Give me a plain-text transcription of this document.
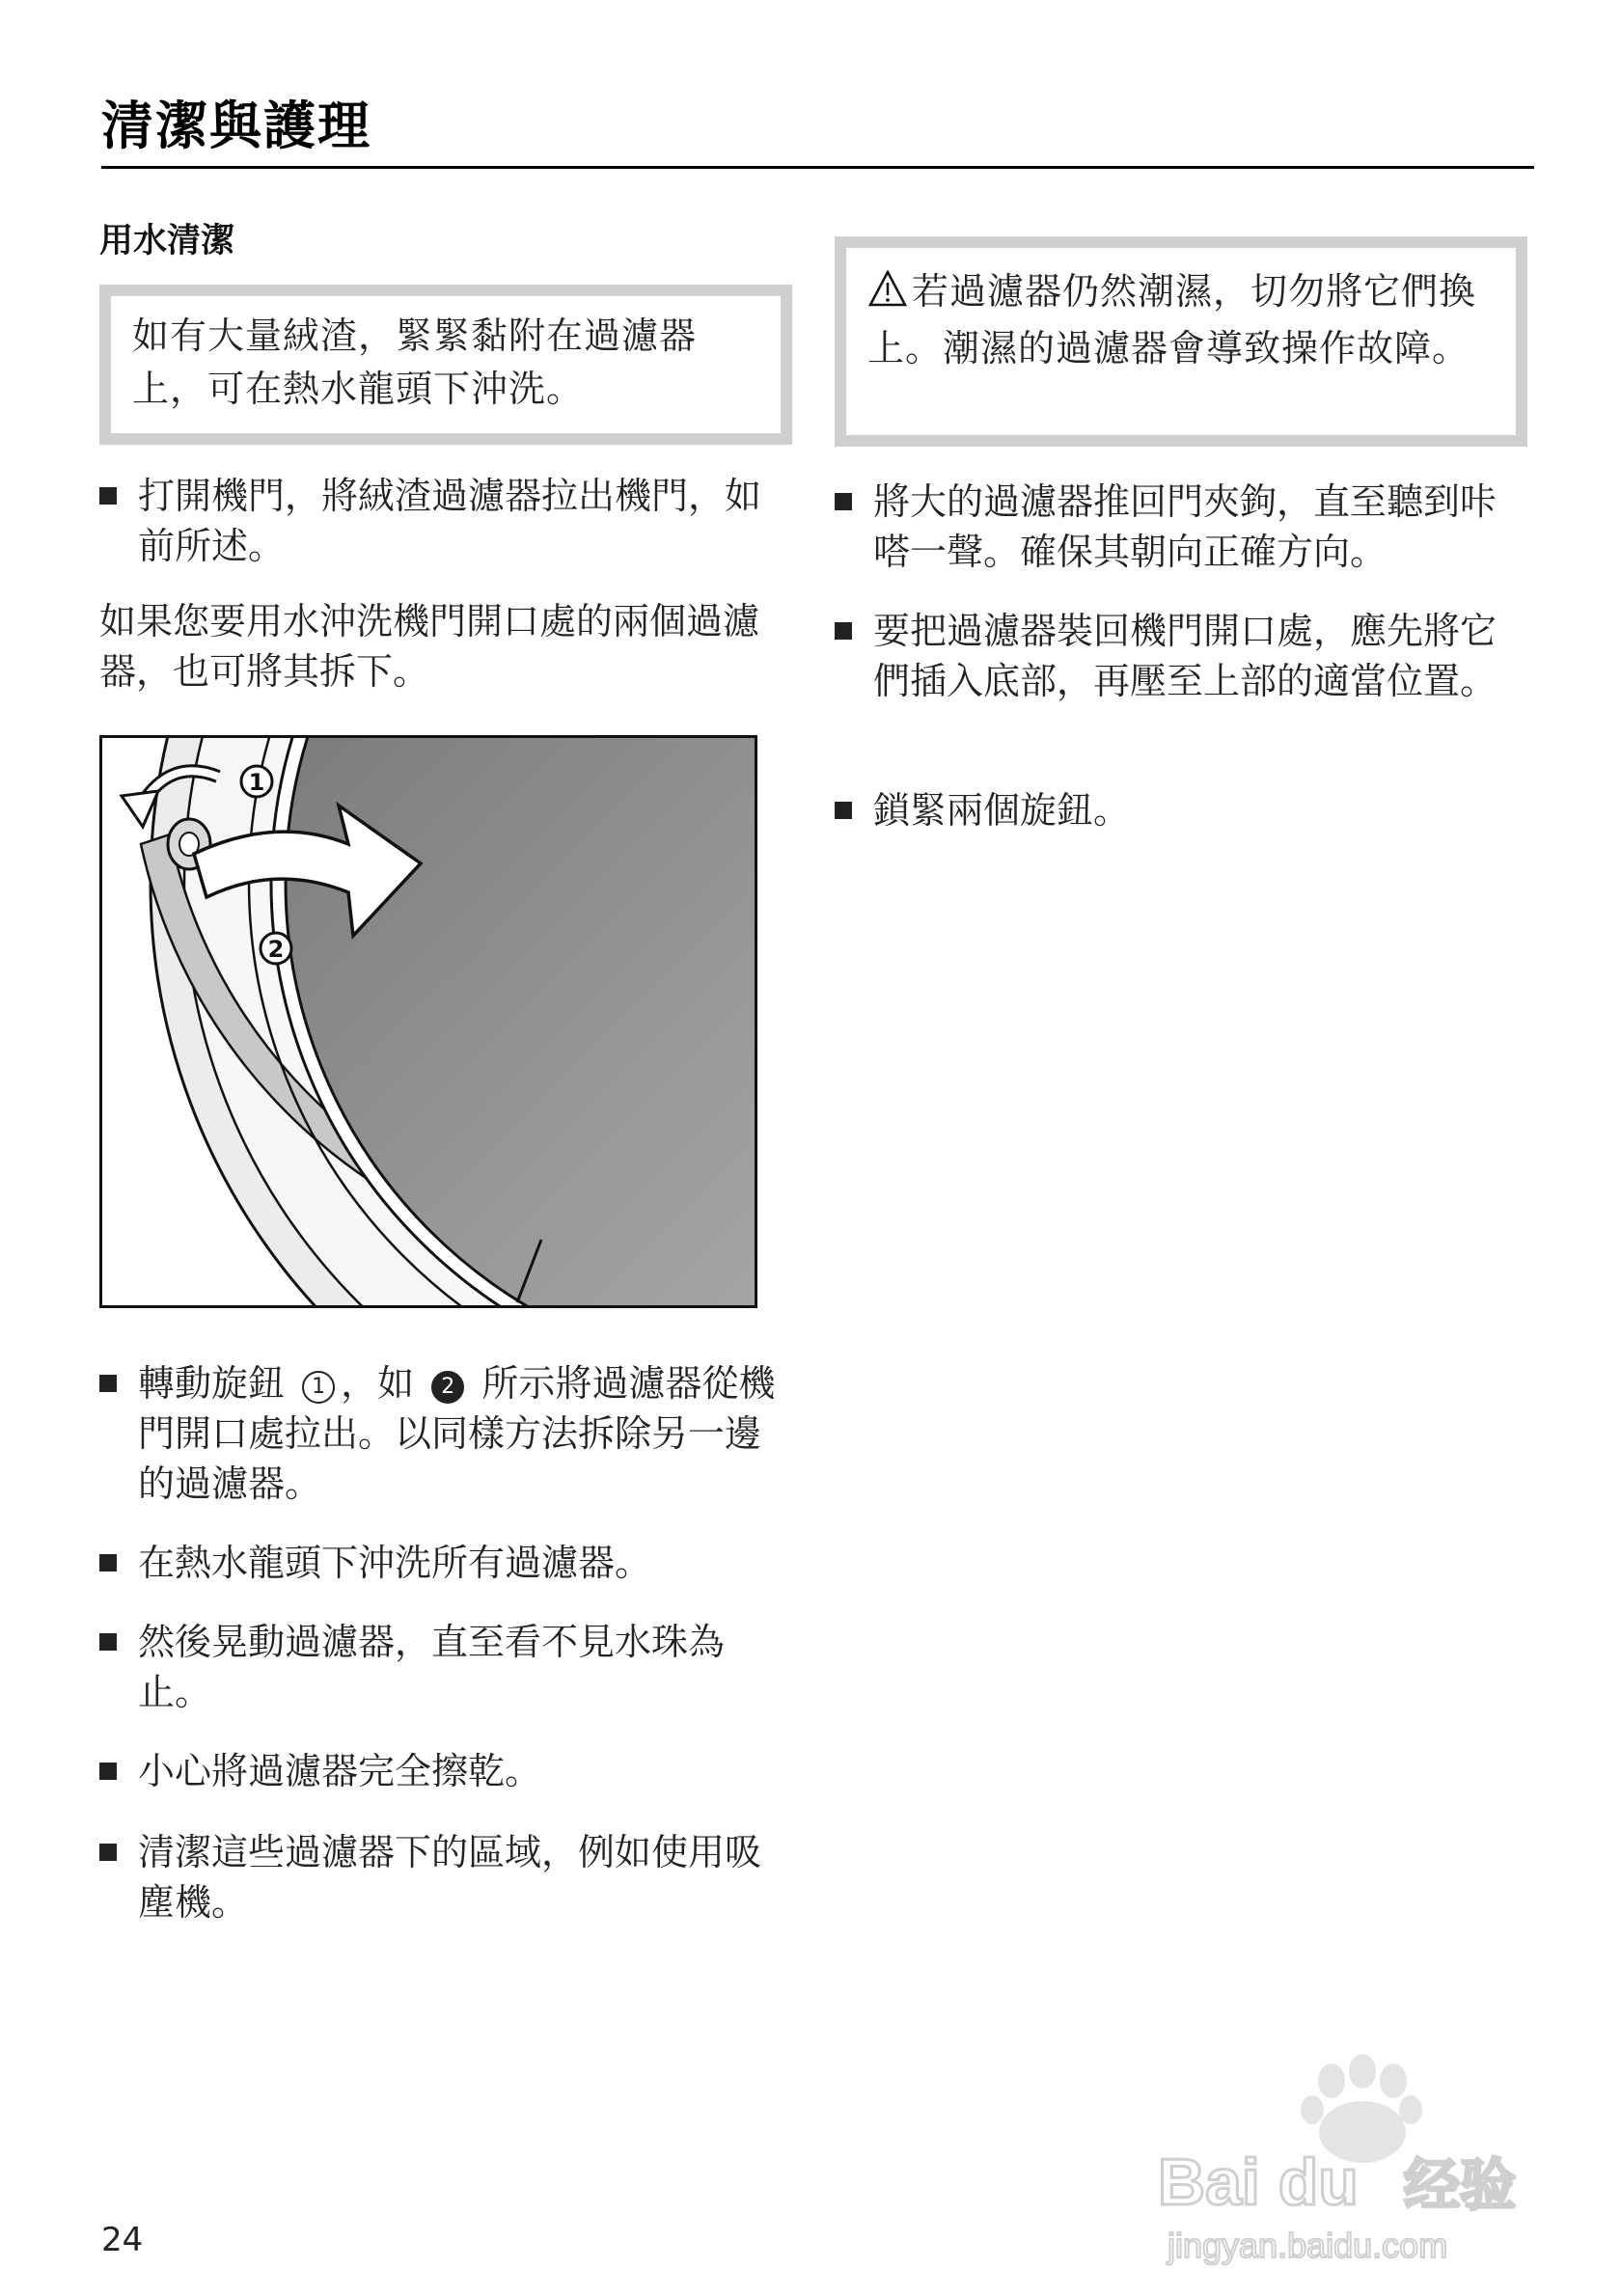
清潔與護理
用水清潔
如有大量絨渣，緊緊黏附在過濾器上，可在熱水龍頭下沖洗。
打開機門，將絨渣過濾器拉出機門，如前所述。
如果您要用水沖洗機門開口處的兩個過濾器，也可將其拆下。
1
2
轉動旋鈕 1 ，如 2 所示將過濾器從機門開口處拉出。以同樣方法拆除另一邊的過濾器。
在熱水龍頭下沖洗所有過濾器。
然後晃動過濾器，直至看不見水珠為止。
小心將過濾器完全擦乾。
清潔這些過濾器下的區域，例如使用吸塵機。
若過濾器仍然潮濕，切勿將它們換上。潮濕的過濾器會導致操作故障。
將大的過濾器推回門夾鉤，直至聽到咔嗒一聲。確保其朝向正確方向。
要把過濾器裝回機門開口處，應先將它們插入底部，再壓至上部的適當位置。
鎖緊兩個旋鈕。
24
Bai du 经验
jingyan.baidu.com
